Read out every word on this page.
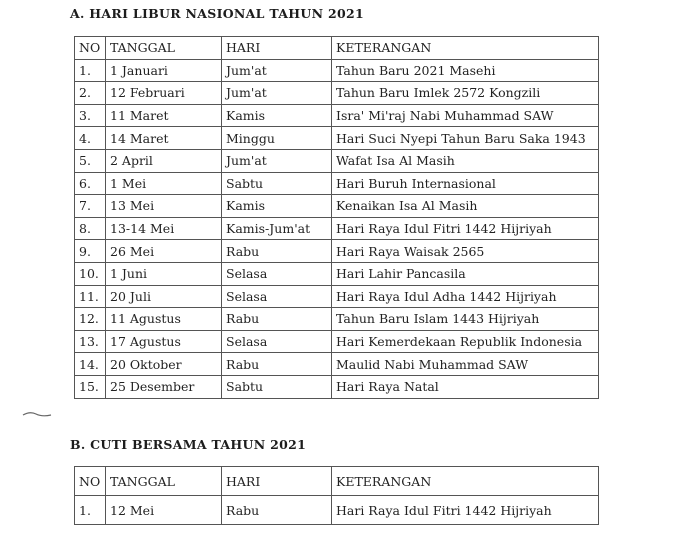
A. HARI LIBUR NASIONAL TAHUN 2021
NO	TANGGAL	HARI	KETERANGAN
1.	1 Januari	Jum'at	Tahun Baru 2021 Masehi
2.	12 Februari	Jum'at	Tahun Baru Imlek 2572 Kongzili
3.	11 Maret	Kamis	Isra' Mi'raj Nabi Muhammad SAW
4.	14 Maret	Minggu	Hari Suci Nyepi Tahun Baru Saka 1943
5.	2 April	Jum'at	Wafat Isa Al Masih
6.	1 Mei	Sabtu	Hari Buruh Internasional
7.	13 Mei	Kamis	Kenaikan Isa Al Masih
8.	13-14 Mei	Kamis-Jum'at	Hari Raya Idul Fitri 1442 Hijriyah
9.	26 Mei	Rabu	Hari Raya Waisak 2565
10.	1 Juni	Selasa	Hari Lahir Pancasila
11.	20 Juli	Selasa	Hari Raya Idul Adha 1442 Hijriyah
12.	11 Agustus	Rabu	Tahun Baru Islam 1443 Hijriyah
13.	17 Agustus	Selasa	Hari Kemerdekaan Republik Indonesia
14.	20 Oktober	Rabu	Maulid Nabi Muhammad SAW
15.	25 Desember	Sabtu	Hari Raya Natal
B. CUTI BERSAMA TAHUN 2021
NO	TANGGAL	HARI	KETERANGAN
1.	12 Mei	Rabu	Hari Raya Idul Fitri 1442 Hijriyah
